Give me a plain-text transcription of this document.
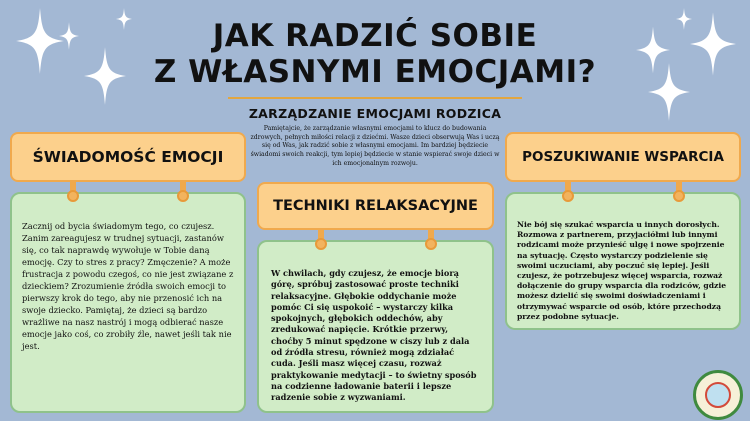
JAK RADZIĆ SOBIE
Z WŁASNYMI EMOCJAMI?
ZARZĄDZANIE EMOCJAMI RODZICA
Pamiętajcie, że zarządzanie własnymi emocjami to klucz do budowania zdrowych, pełnych miłości relacji z dziećmi. Wasze dzieci obserwują Was i uczą się od Was, jak radzić sobie z własnymi emocjami. Im bardziej będziecie świadomi swoich reakcji, tym lepiej będziecie w stanie wspierać swoje dzieci w ich emocjonalnym rozwoju.
Zacznij od bycia świadomym tego, co czujesz. Zanim zareagujesz w trudnej sytuacji, zastanów się, co tak naprawdę wywołuje w Tobie daną emocję. Czy to stres z pracy? Zmęczenie? A może frustracja z powodu czegoś, co nie jest związane z dzieckiem? Zrozumienie źródła swoich emocji to pierwszy krok do tego, aby nie przenosić ich na swoje dziecko. Pamiętaj, że dzieci są bardzo wrażliwe na nasz nastrój i mogą odbierać nasze emocje jako coś, co zrobiły źle, nawet jeśli tak nie jest.
ŚWIADOMOŚĆ EMOCJI
W chwilach, gdy czujesz, że emocje biorą górę, spróbuj zastosować proste techniki relaksacyjne. Głębokie oddychanie może pomóc Ci się uspokoić – wystarczy kilka spokojnych, głębokich oddechów, aby zredukować napięcie. Krótkie przerwy, choćby 5 minut spędzone w ciszy lub z dala od źródła stresu, również mogą zdziałać cuda. Jeśli masz więcej czasu, rozważ praktykowanie medytacji – to świetny sposób na codzienne ładowanie baterii i lepsze radzenie sobie z wyzwaniami.
TECHNIKI RELAKSACYJNE
Nie bój się szukać wsparcia u innych dorosłych. Rozmowa z partnerem, przyjaciółmi lub innymi rodzicami może przynieść ulgę i nowe spojrzenie na sytuację. Często wystarczy podzielenie się swoimi uczuciami, aby poczuć się lepiej. Jeśli czujesz, że potrzebujesz więcej wsparcia, rozważ dołączenie do grupy wsparcia dla rodziców, gdzie możesz dzielić się swoimi doświadczeniami i otrzymywać wsparcie od osób, które przechodzą przez podobne sytuacje.
POSZUKIWANIE WSPARCIA
